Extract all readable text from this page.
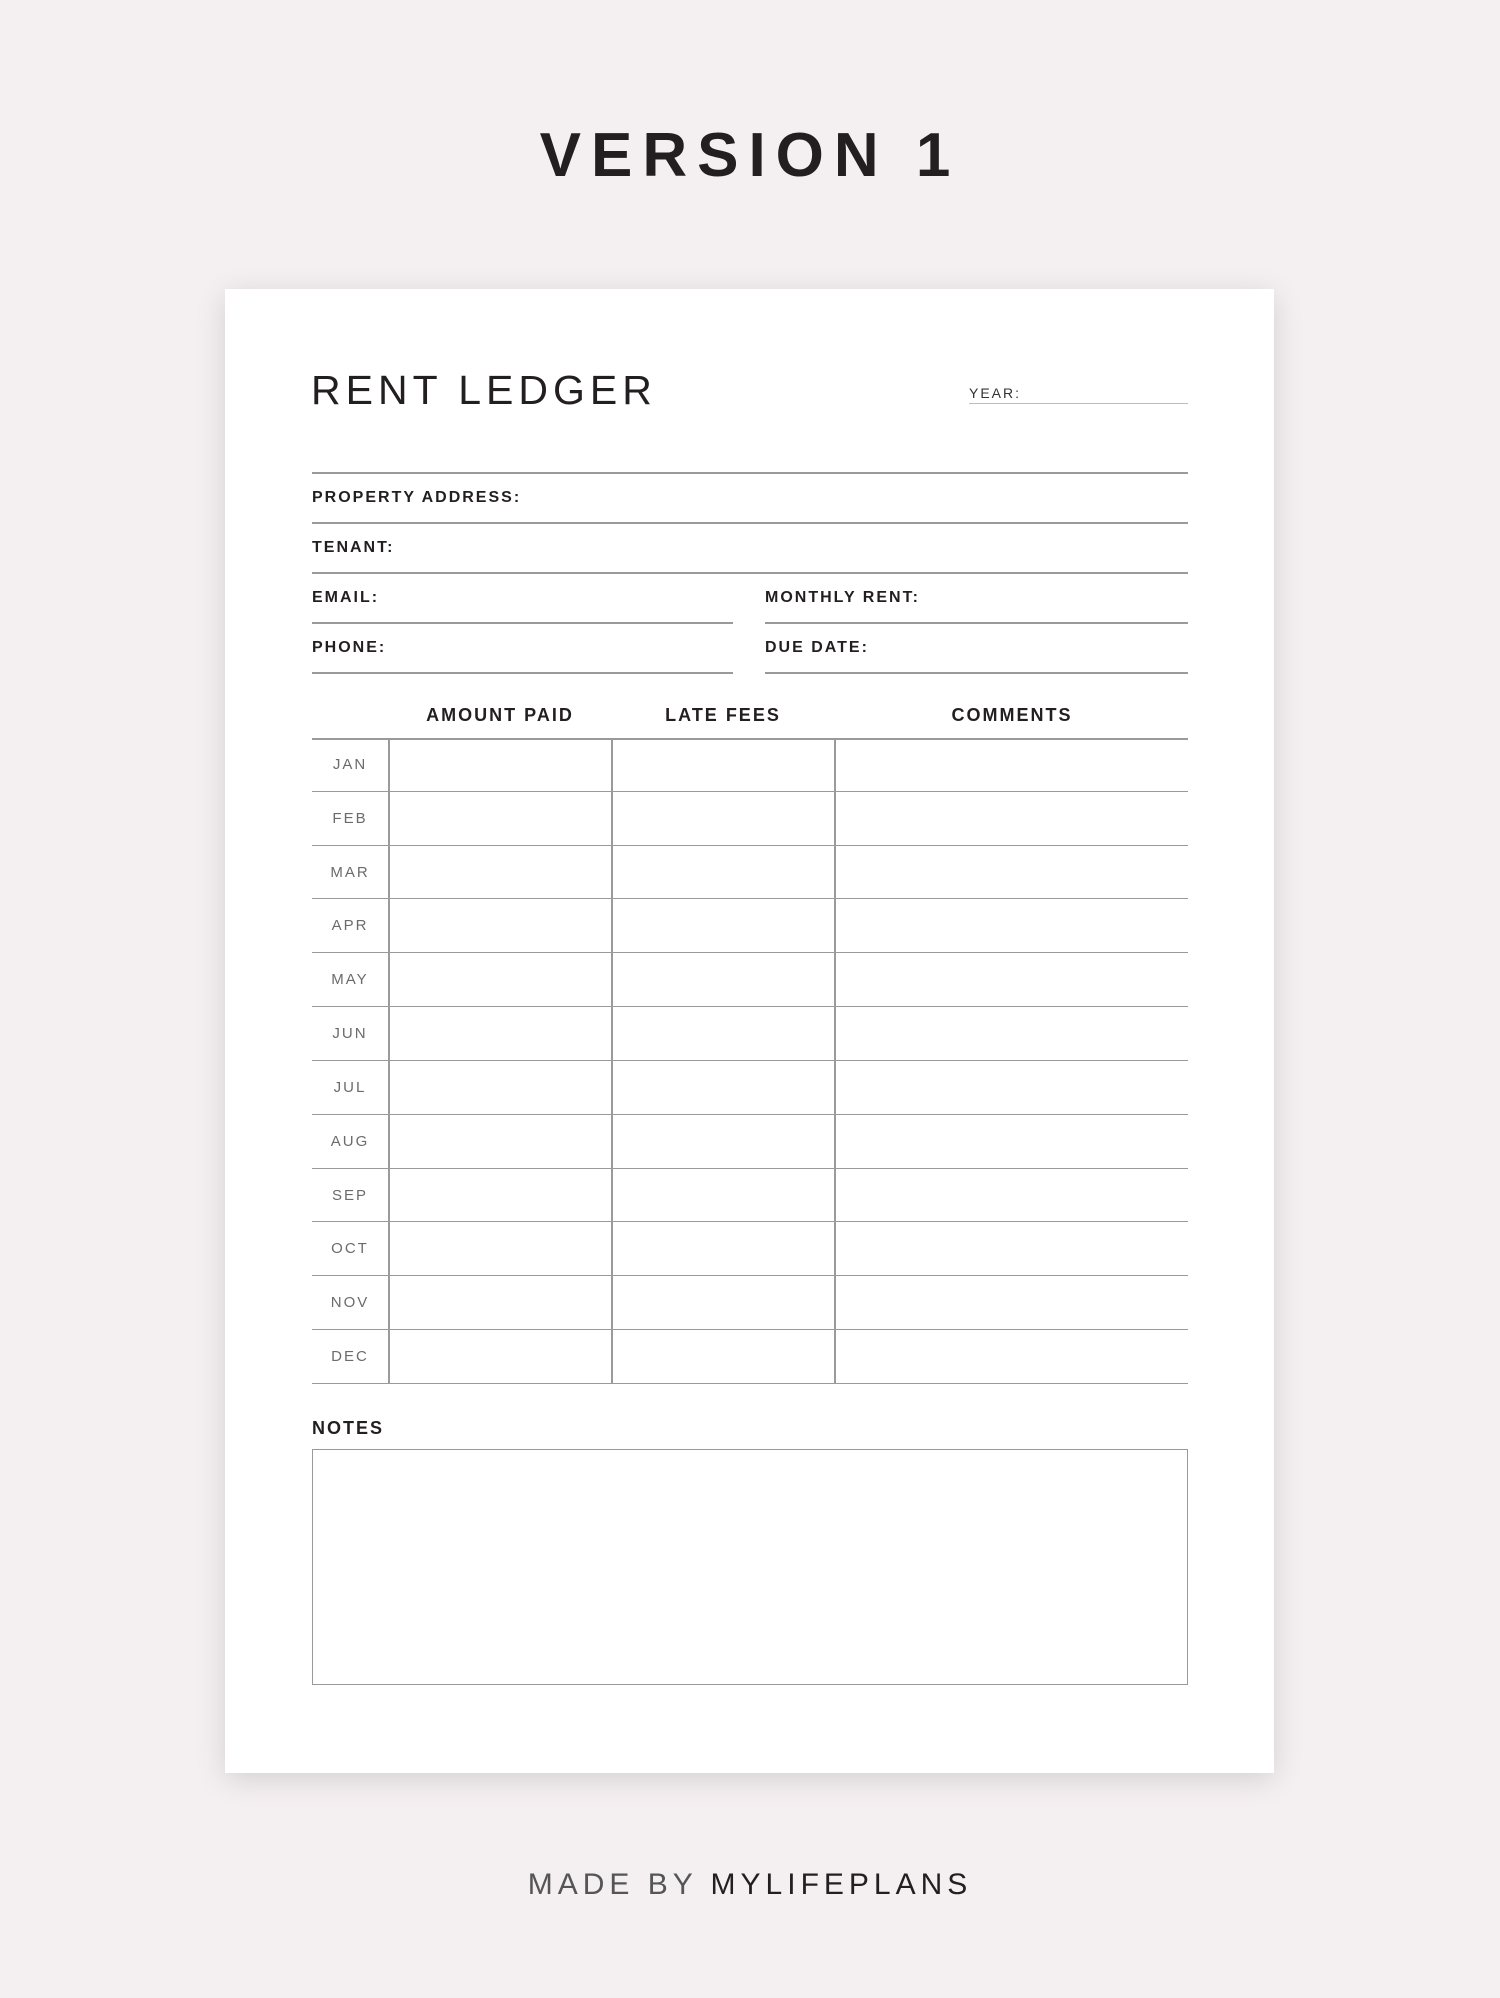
VERSION 1
RENT LEDGER	YEAR:
PROPERTY ADDRESS:
TENANT:
EMAIL:	MONTHLY RENT:
PHONE:	DUE DATE:
AMOUNT PAID	LATE FEES	COMMENTS
JAN
FEB
MAR
APR
MAY
JUN
JUL
AUG
SEP
OCT
NOV
DEC
NOTES
MADE BY MYLIFEPLANS
